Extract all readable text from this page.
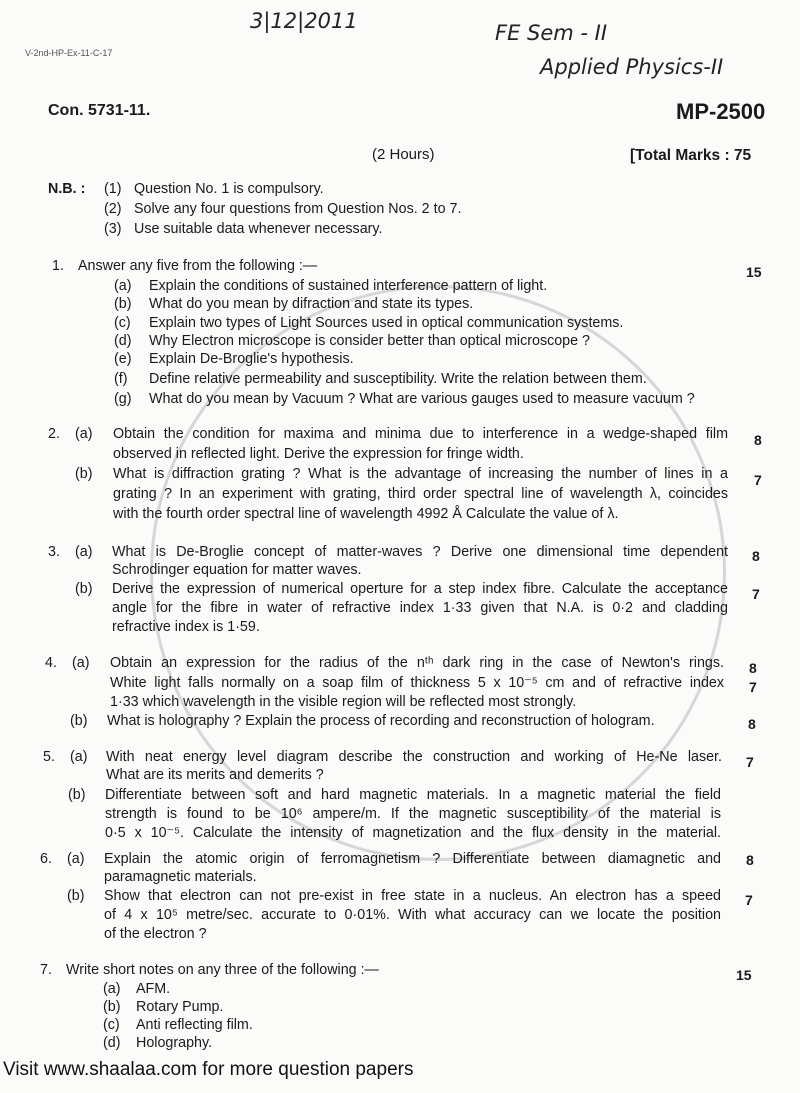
V-2nd-HP-Ex-11-C-17
3|12|2011	FE Sem - II
Applied Physics-II
Con. 5731-11.	MP-2500
(2 Hours)	[Total Marks : 75
N.B. : (1) Question No. 1 is compulsory.
(2) Solve any four questions from Question Nos. 2 to 7.
(3) Use suitable data whenever necessary.
1. Answer any five from the following :—	15
(a) Explain the conditions of sustained interference pattern of light.
(b) What do you mean by difraction and state its types.
(c) Explain two types of Light Sources used in optical communication systems.
(d) Why Electron microscope is consider better than optical microscope ?
(e) Explain De-Broglie's hypothesis.
(f) Define relative permeability and susceptibility. Write the relation between them.
(g) What do you mean by Vacuum ? What are various gauges used to measure vacuum ?
2. (a) Obtain the condition for maxima and minima due to interference in a wedge-shaped film
observed in reflected light. Derive the expression for fringe width.
8
(b) What is diffraction grating ? What is the advantage of increasing the number of lines in a
grating ? In an experiment with grating, third order spectral line of wavelength λ, coincides
with the fourth order spectral line of wavelength 4992 Å Calculate the value of λ.
7
3. (a) What is De-Broglie concept of matter-waves ? Derive one dimensional time dependent
Schrodinger equation for matter waves.
8
(b) Derive the expression of numerical operture for a step index fibre. Calculate the acceptance
angle for the fibre in water of refractive index 1·33 given that N.A. is 0·2 and cladding
refractive index is 1·59.
7
4. (a) Obtain an expression for the radius of the nᵗʰ dark ring in the case of Newton's rings.
White light falls normally on a soap film of thickness 5 x 10⁻⁵ cm and of refractive index
1·33 which wavelength in the visible region will be reflected most strongly.
8
7
(b) What is holography ? Explain the process of recording and reconstruction of hologram.	8
5. (a) With neat energy level diagram describe the construction and working of He-Ne laser.
What are its merits and demerits ?
7
(b) Differentiate between soft and hard magnetic materials. In a magnetic material the field
strength is found to be 10⁶ ampere/m. If the magnetic susceptibility of the material is
0·5 x 10⁻⁵. Calculate the intensity of magnetization and the flux density in the material.
6. (a) Explain the atomic origin of ferromagnetism ? Differentiate between diamagnetic and
paramagnetic materials.
8
(b) Show that electron can not pre-exist in free state in a nucleus. An electron has a speed
of 4 x 10⁵ metre/sec. accurate to 0·01%. With what accuracy can we locate the position
of the electron ?
7
7. Write short notes on any three of the following :—	15
(a) AFM.
(b) Rotary Pump.
(c) Anti reflecting film.
(d) Holography.
Visit www.shaalaa.com for more question papers
